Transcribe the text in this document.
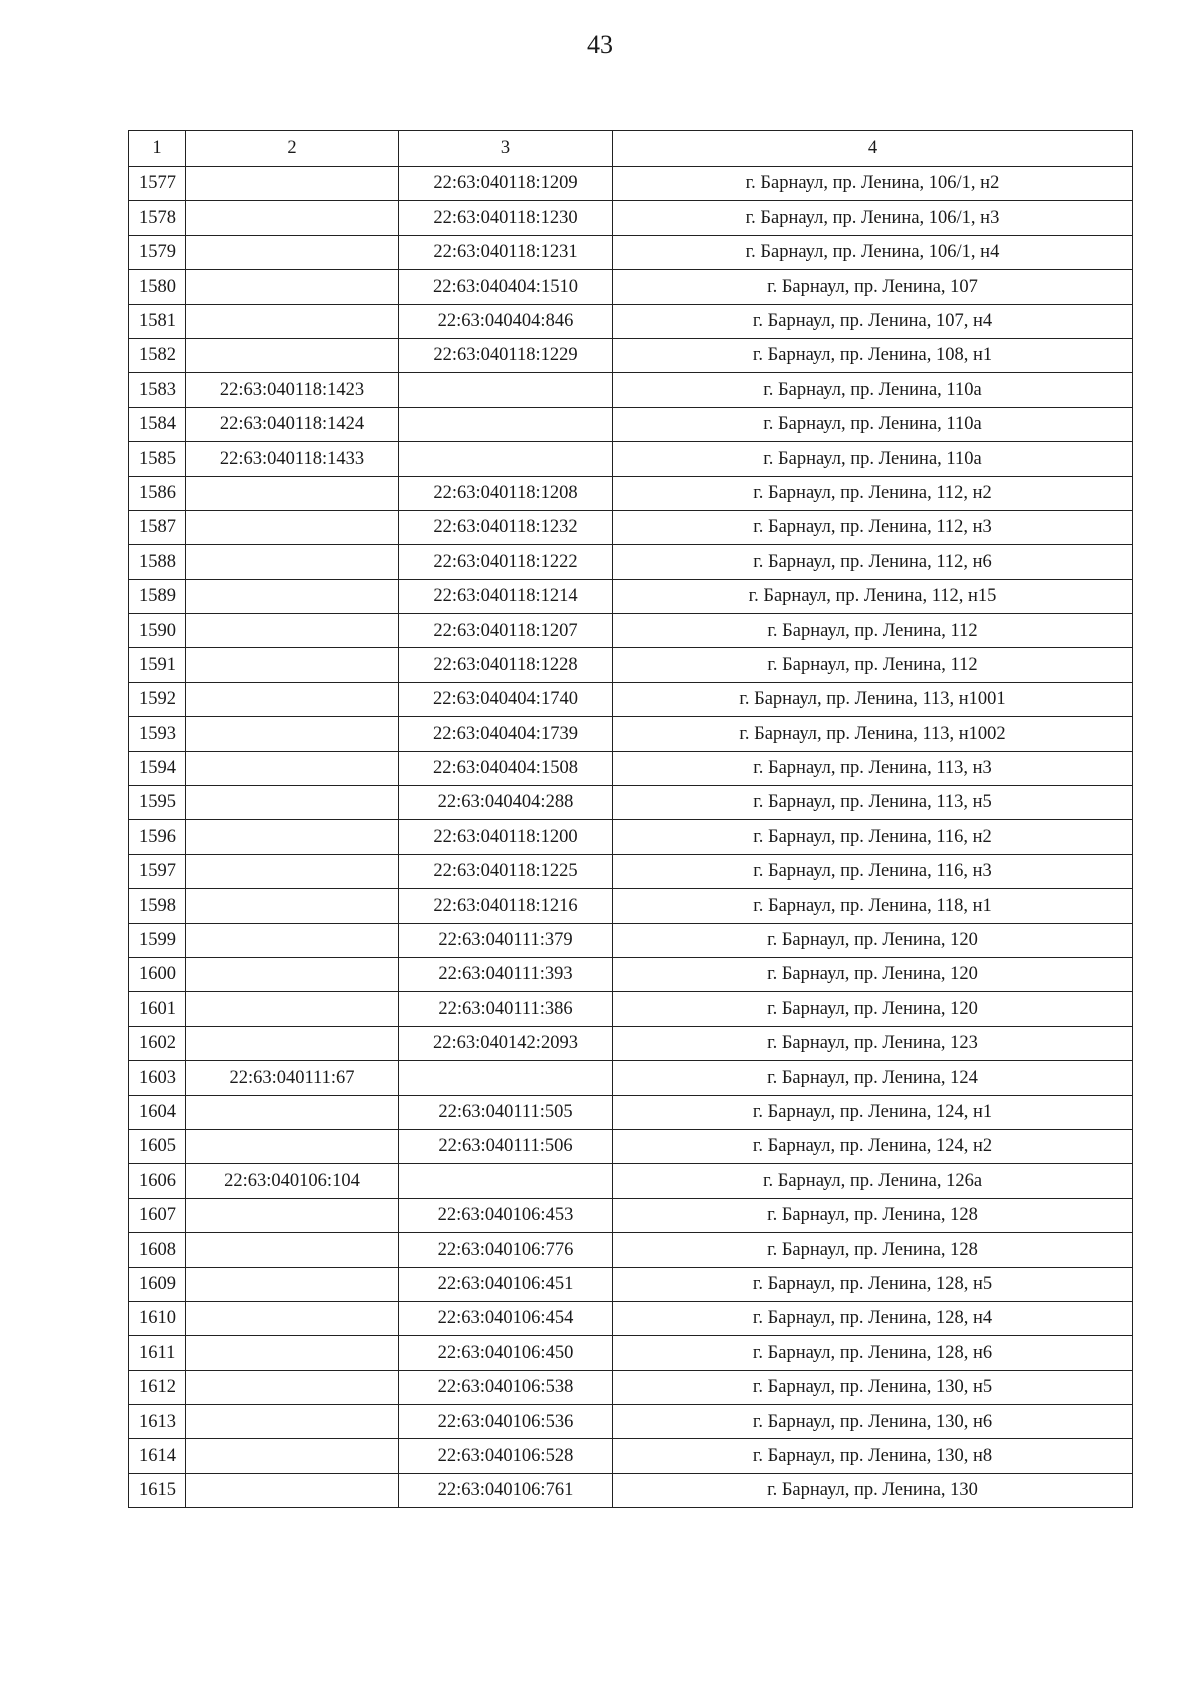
43
1	2	3	4
1577		22:63:040118:1209	г. Барнаул, пр. Ленина, 106/1, н2
1578		22:63:040118:1230	г. Барнаул, пр. Ленина, 106/1, н3
1579		22:63:040118:1231	г. Барнаул, пр. Ленина, 106/1, н4
1580		22:63:040404:1510	г. Барнаул, пр. Ленина, 107
1581		22:63:040404:846	г. Барнаул, пр. Ленина, 107, н4
1582		22:63:040118:1229	г. Барнаул, пр. Ленина, 108, н1
1583	22:63:040118:1423		г. Барнаул, пр. Ленина, 110а
1584	22:63:040118:1424		г. Барнаул, пр. Ленина, 110а
1585	22:63:040118:1433		г. Барнаул, пр. Ленина, 110а
1586		22:63:040118:1208	г. Барнаул, пр. Ленина, 112, н2
1587		22:63:040118:1232	г. Барнаул, пр. Ленина, 112, н3
1588		22:63:040118:1222	г. Барнаул, пр. Ленина, 112, н6
1589		22:63:040118:1214	г. Барнаул, пр. Ленина, 112, н15
1590		22:63:040118:1207	г. Барнаул, пр. Ленина, 112
1591		22:63:040118:1228	г. Барнаул, пр. Ленина, 112
1592		22:63:040404:1740	г. Барнаул, пр. Ленина, 113, н1001
1593		22:63:040404:1739	г. Барнаул, пр. Ленина, 113, н1002
1594		22:63:040404:1508	г. Барнаул, пр. Ленина, 113, н3
1595		22:63:040404:288	г. Барнаул, пр. Ленина, 113, н5
1596		22:63:040118:1200	г. Барнаул, пр. Ленина, 116, н2
1597		22:63:040118:1225	г. Барнаул, пр. Ленина, 116, н3
1598		22:63:040118:1216	г. Барнаул, пр. Ленина, 118, н1
1599		22:63:040111:379	г. Барнаул, пр. Ленина, 120
1600		22:63:040111:393	г. Барнаул, пр. Ленина, 120
1601		22:63:040111:386	г. Барнаул, пр. Ленина, 120
1602		22:63:040142:2093	г. Барнаул, пр. Ленина, 123
1603	22:63:040111:67		г. Барнаул, пр. Ленина, 124
1604		22:63:040111:505	г. Барнаул, пр. Ленина, 124, н1
1605		22:63:040111:506	г. Барнаул, пр. Ленина, 124, н2
1606	22:63:040106:104		г. Барнаул, пр. Ленина, 126а
1607		22:63:040106:453	г. Барнаул, пр. Ленина, 128
1608		22:63:040106:776	г. Барнаул, пр. Ленина, 128
1609		22:63:040106:451	г. Барнаул, пр. Ленина, 128, н5
1610		22:63:040106:454	г. Барнаул, пр. Ленина, 128, н4
1611		22:63:040106:450	г. Барнаул, пр. Ленина, 128, н6
1612		22:63:040106:538	г. Барнаул, пр. Ленина, 130, н5
1613		22:63:040106:536	г. Барнаул, пр. Ленина, 130, н6
1614		22:63:040106:528	г. Барнаул, пр. Ленина, 130, н8
1615		22:63:040106:761	г. Барнаул, пр. Ленина, 130
